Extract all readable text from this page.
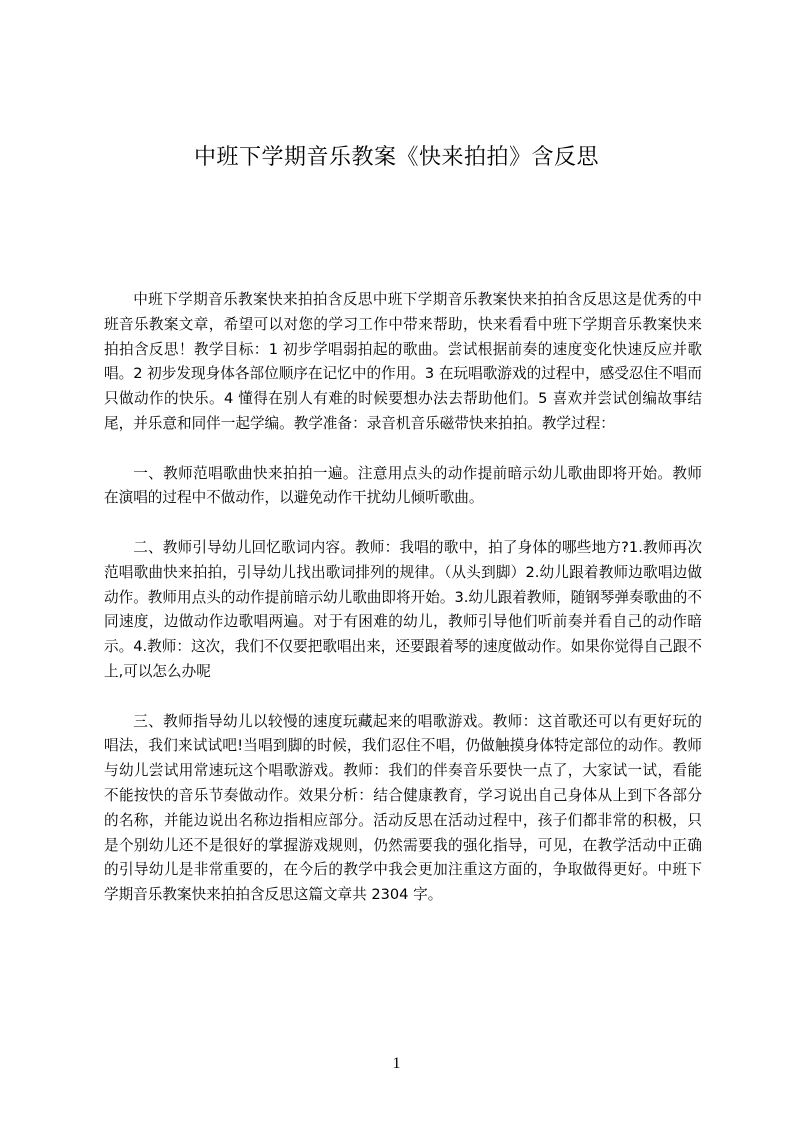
中班下学期音乐教案《快来拍拍》含反思

中班下学期音乐教案快来拍拍含反思中班下学期音乐教案快来拍拍含反思这是优秀的中班音乐教案文章，希望可以对您的学习工作中带来帮助，快来看看中班下学期音乐教案快来拍拍含反思！教学目标：1 初步学唱弱拍起的歌曲。尝试根据前奏的速度变化快速反应并歌唱。2 初步发现身体各部位顺序在记忆中的作用。3 在玩唱歌游戏的过程中，感受忍住不唱而只做动作的快乐。4 懂得在别人有难的时候要想办法去帮助他们。5 喜欢并尝试创编故事结尾，并乐意和同伴一起学编。教学准备：录音机音乐磁带快来拍拍。教学过程：

一、教师范唱歌曲快来拍拍一遍。注意用点头的动作提前暗示幼儿歌曲即将开始。教师在演唱的过程中不做动作，以避免动作干扰幼儿倾听歌曲。

二、教师引导幼儿回忆歌词内容。教师：我唱的歌中，拍了身体的哪些地方?1.教师再次范唱歌曲快来拍拍，引导幼儿找出歌词排列的规律。（从头到脚）2.幼儿跟着教师边歌唱边做动作。教师用点头的动作提前暗示幼儿歌曲即将开始。3.幼儿跟着教师，随钢琴弹奏歌曲的不同速度，边做动作边歌唱两遍。对于有困难的幼儿，教师引导他们听前奏并看自己的动作暗示。4.教师：这次，我们不仅要把歌唱出来，还要跟着琴的速度做动作。如果你觉得自己跟不上,可以怎么办呢

三、教师指导幼儿以较慢的速度玩藏起来的唱歌游戏。教师：这首歌还可以有更好玩的唱法，我们来试试吧!当唱到脚的时候，我们忍住不唱，仍做触摸身体特定部位的动作。教师与幼儿尝试用常速玩这个唱歌游戏。教师：我们的伴奏音乐要快一点了，大家试一试，看能不能按快的音乐节奏做动作。效果分析：结合健康教育，学习说出自己身体从上到下各部分的名称，并能边说出名称边指相应部分。活动反思在活动过程中，孩子们都非常的积极，只是个别幼儿还不是很好的掌握游戏规则，仍然需要我的强化指导，可见，在教学活动中正确的引导幼儿是非常重要的，在今后的教学中我会更加注重这方面的，争取做得更好。中班下学期音乐教案快来拍拍含反思这篇文章共 2304 字。

1
